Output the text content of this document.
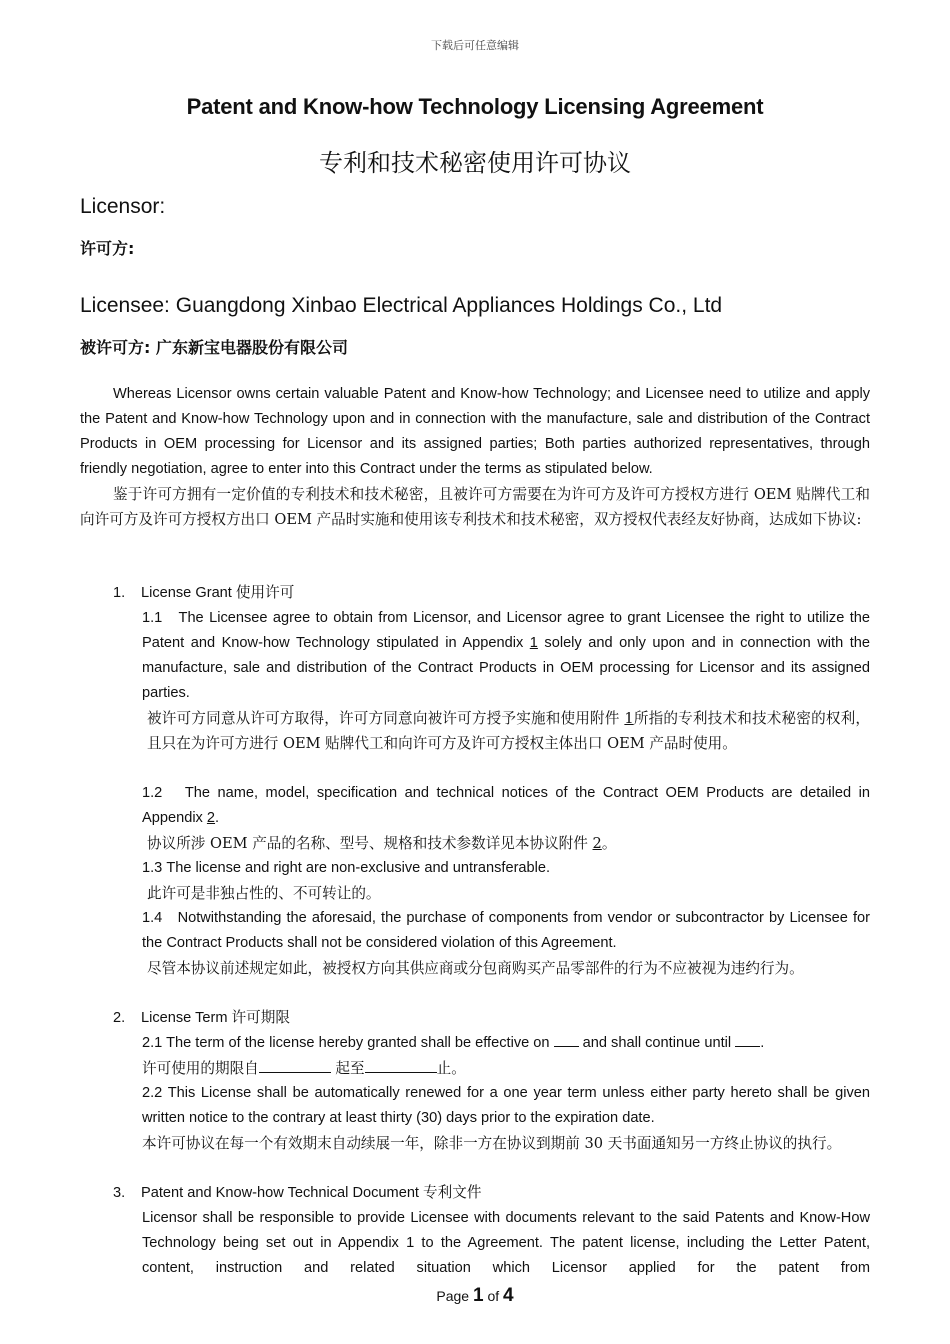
下载后可任意编辑
Patent and Know-how Technology Licensing Agreement
专利和技术秘密使用许可协议
Licensor:
许可方:
Licensee: Guangdong Xinbao Electrical Appliances Holdings Co., Ltd
被许可方: 广东新宝电器股份有限公司
Whereas Licensor owns certain valuable Patent and Know-how Technology; and Licensee need to utilize and apply the Patent and Know-how Technology upon and in connection with the manufacture, sale and distribution of the Contract Products in OEM processing for Licensor and its assigned parties; Both parties authorized representatives, through friendly negotiation, agree to enter into this Contract under the terms as stipulated below.
鉴于许可方拥有一定价值的专利技术和技术秘密，且被许可方需要在为许可方及许可方授权方进行 OEM 贴牌代工和向许可方及许可方授权方出口 OEM 产品时实施和使用该专利技术和技术秘密，双方授权代表经友好协商，达成如下协议:
1. License Grant 使用许可
1.1 The Licensee agree to obtain from Licensor, and Licensor agree to grant Licensee the right to utilize the Patent and Know-how Technology stipulated in Appendix 1 solely and only upon and in connection with the manufacture, sale and distribution of the Contract Products in OEM processing for Licensor and its assigned parties.
被许可方同意从许可方取得，许可方同意向被许可方授予实施和使用附件 1所指的专利技术和技术秘密的权利，且只在为许可方进行 OEM 贴牌代工和向许可方及许可方授权主体出口 OEM 产品时使用。
1.2 The name, model, specification and technical notices of the Contract OEM Products are detailed in Appendix 2.
协议所涉 OEM 产品的名称、型号、规格和技术参数详见本协议附件 2。
1.3 The license and right are non-exclusive and untransferable.
此许可是非独占性的、不可转让的。
1.4 Notwithstanding the aforesaid, the purchase of components from vendor or subcontractor by Licensee for the Contract Products shall not be considered violation of this Agreement.
尽管本协议前述规定如此，被授权方向其供应商或分包商购买产品零部件的行为不应被视为违约行为。
2. License Term 许可期限
2.1 The term of the license hereby granted shall be effective on  and shall continue until .
许可使用的期限自	起至	止。
2.2 This License shall be automatically renewed for a one year term unless either party hereto shall be given written notice to the contrary at least thirty (30) days prior to the expiration date.
本许可协议在每一个有效期末自动续展一年，除非一方在协议到期前 30 天书面通知另一方终止协议的执行。
3. Patent and Know-how Technical Document 专利文件
Licensor shall be responsible to provide Licensee with documents relevant to the said Patents and Know-How Technology being set out in Appendix 1 to the Agreement. The patent license, including the Letter Patent, content, instruction and related situation which Licensor applied for the patent from
Page 1 of 4
